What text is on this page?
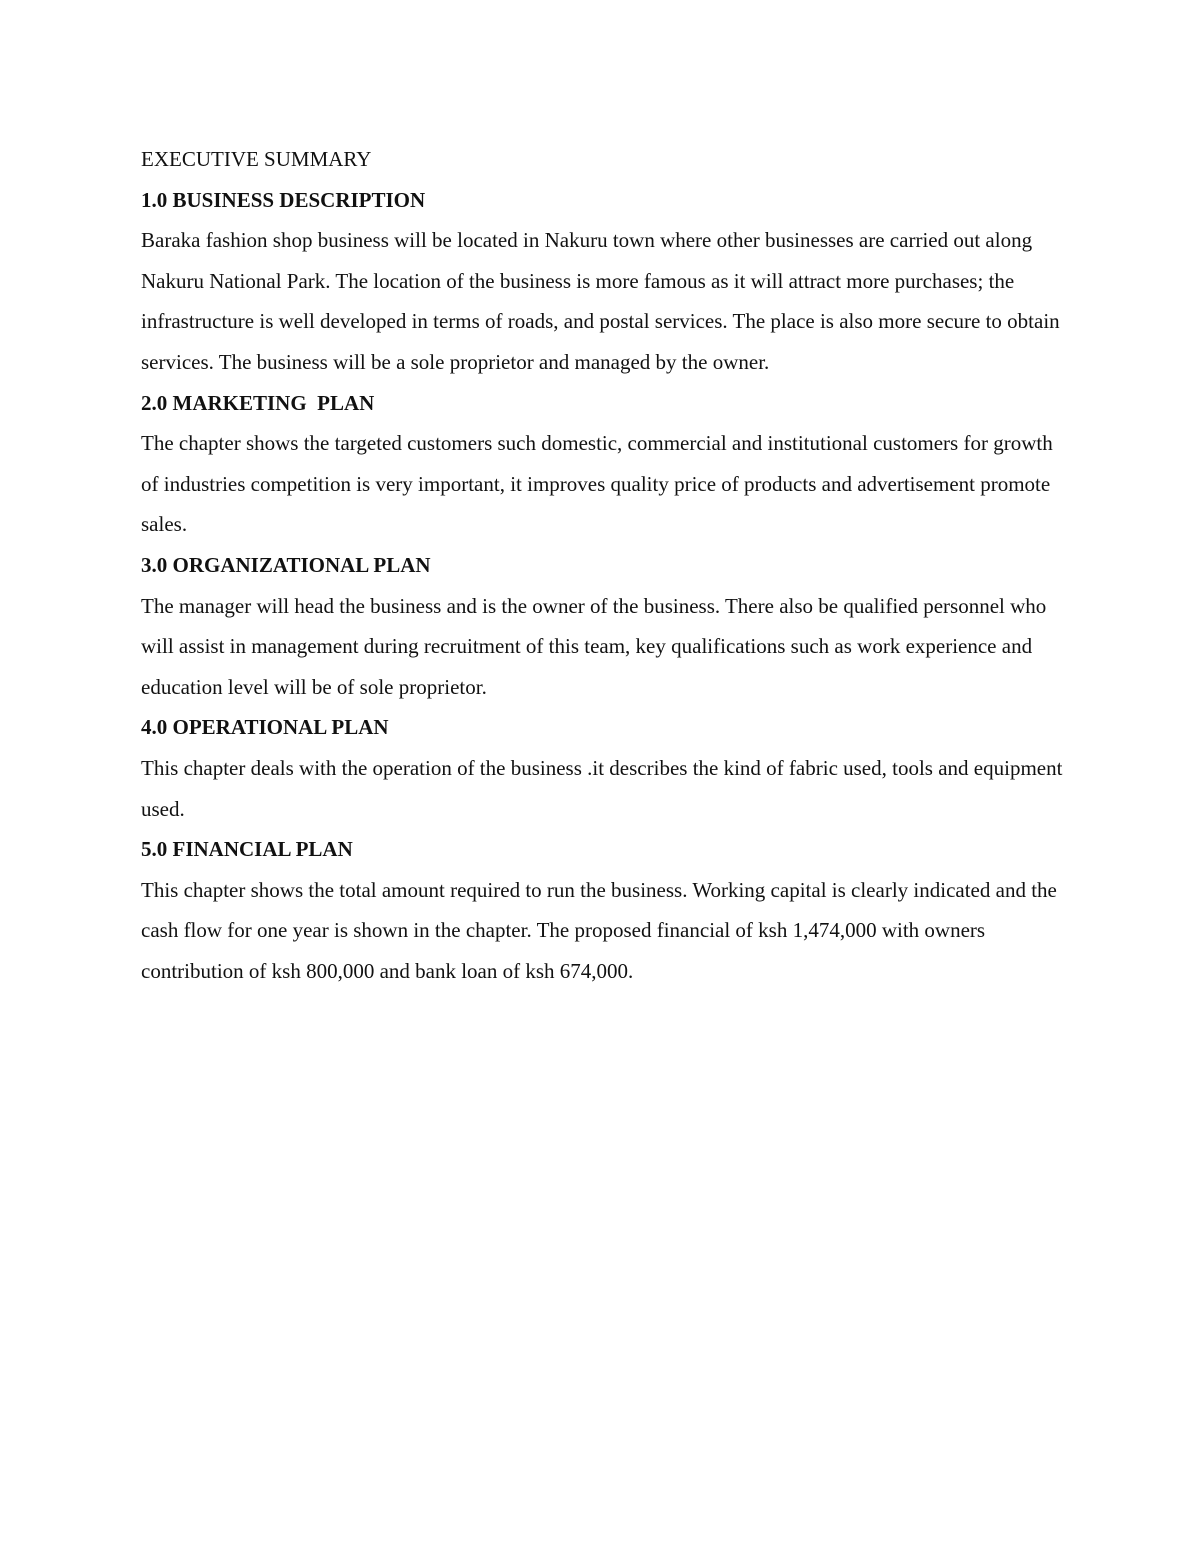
EXECUTIVE SUMMARY

1.0 BUSINESS DESCRIPTION

Baraka fashion shop business will be located in Nakuru town where other businesses are carried out along Nakuru National Park. The location of the business is more famous as it will attract more purchases; the infrastructure is well developed in terms of roads, and postal services. The place is also more secure to obtain services. The business will be a sole proprietor and managed by the owner.

2.0 MARKETING  PLAN

The chapter shows the targeted customers such domestic, commercial and institutional customers for growth of industries competition is very important, it improves quality price of products and advertisement promote sales.

3.0 ORGANIZATIONAL PLAN

The manager will head the business and is the owner of the business. There also be qualified personnel who will assist in management during recruitment of this team, key qualifications such as work experience and education level will be of sole proprietor.

4.0 OPERATIONAL PLAN

This chapter deals with the operation of the business .it describes the kind of fabric used, tools and equipment used.

5.0 FINANCIAL PLAN

This chapter shows the total amount required to run the business. Working capital is clearly indicated and the cash flow for one year is shown in the chapter. The proposed financial of ksh 1,474,000 with owners contribution of ksh 800,000 and bank loan of ksh 674,000.
